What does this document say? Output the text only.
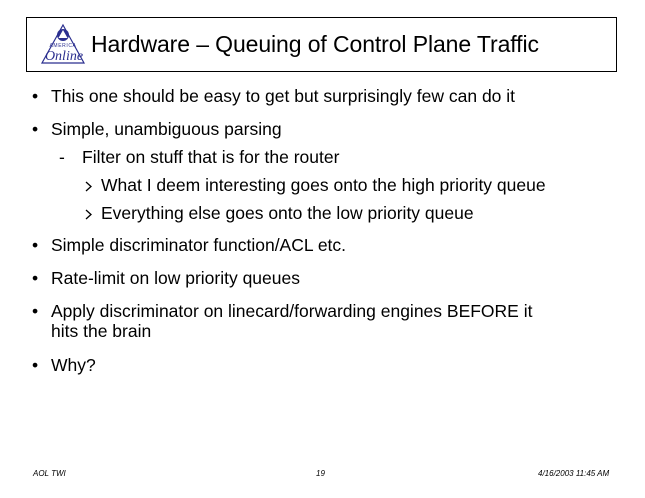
AMERICA
Online Hardware – Queuing of Control Plane Traffic
• This one should be easy to get but surprisingly few can do it
• Simple, unambiguous parsing
- Filter on stuff that is for the router
What I deem interesting goes onto the high priority queue
Everything else goes onto the low priority queue
• Simple discriminator function/ACL etc.
• Rate-limit on low priority queues
• Apply discriminator on linecard/forwarding engines BEFORE it
hits the brain
• Why?
AOL TWI	19	4/16/2003 11:45 AM
